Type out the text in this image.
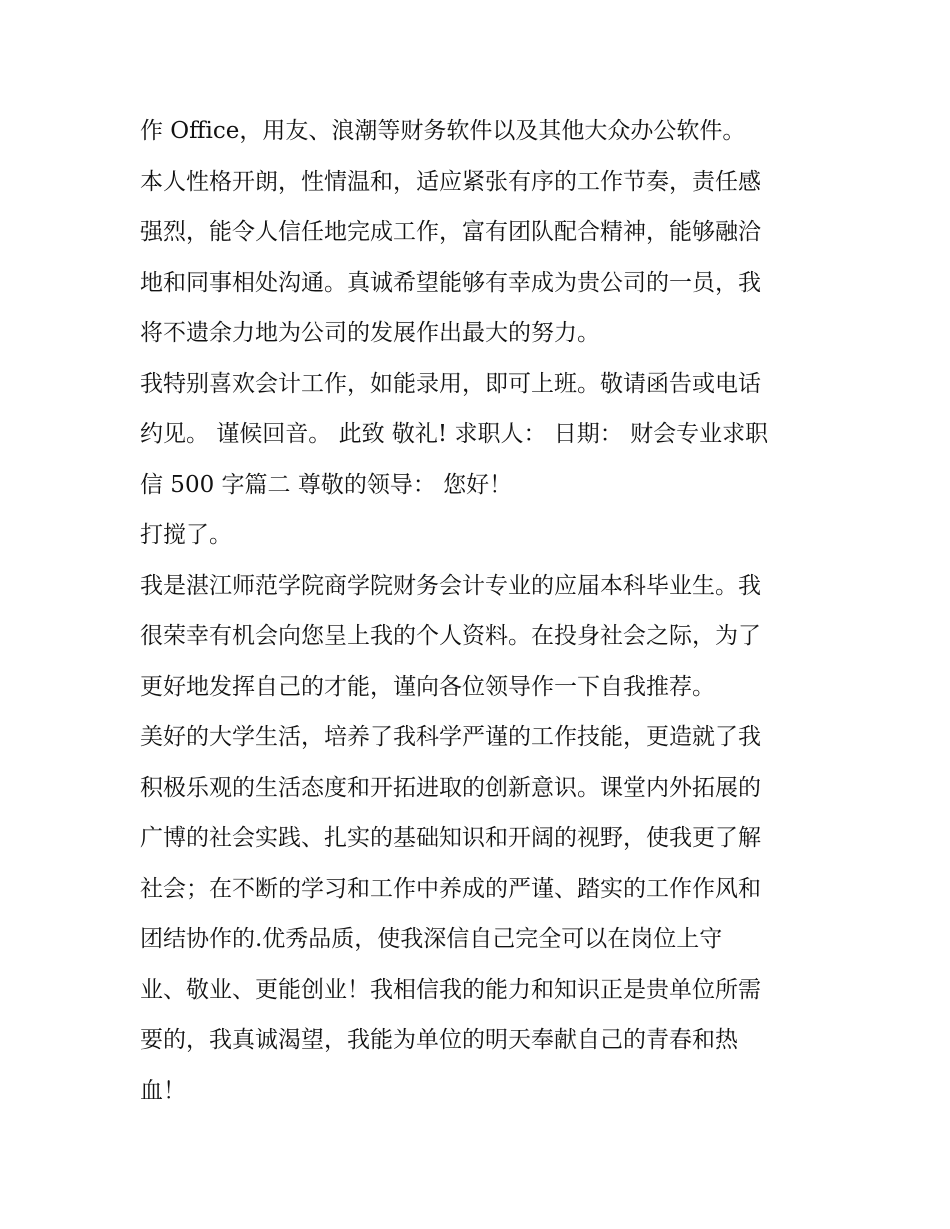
作 Office，用友、浪潮等财务软件以及其他大众办公软件。
本人性格开朗，性情温和，适应紧张有序的工作节奏，责任感
强烈，能令人信任地完成工作，富有团队配合精神，能够融洽
地和同事相处沟通。真诚希望能够有幸成为贵公司的一员，我
将不遗余力地为公司的发展作出最大的努力。
我特别喜欢会计工作，如能录用，即可上班。敬请函告或电话
约见。 谨候回音。 此致 敬礼! 求职人： 日期： 财会专业求职
信 500 字篇二 尊敬的领导： 您好！
打搅了。
我是湛江师范学院商学院财务会计专业的应届本科毕业生。我
很荣幸有机会向您呈上我的个人资料。在投身社会之际，为了
更好地发挥自己的才能，谨向各位领导作一下自我推荐。
美好的大学生活，培养了我科学严谨的工作技能，更造就了我
积极乐观的生活态度和开拓进取的创新意识。课堂内外拓展的
广博的社会实践、扎实的基础知识和开阔的视野，使我更了解
社会；在不断的学习和工作中养成的严谨、踏实的工作作风和
团结协作的.优秀品质，使我深信自己完全可以在岗位上守
业、敬业、更能创业！我相信我的能力和知识正是贵单位所需
要的，我真诚渴望，我能为单位的明天奉献自己的青春和热
血！
